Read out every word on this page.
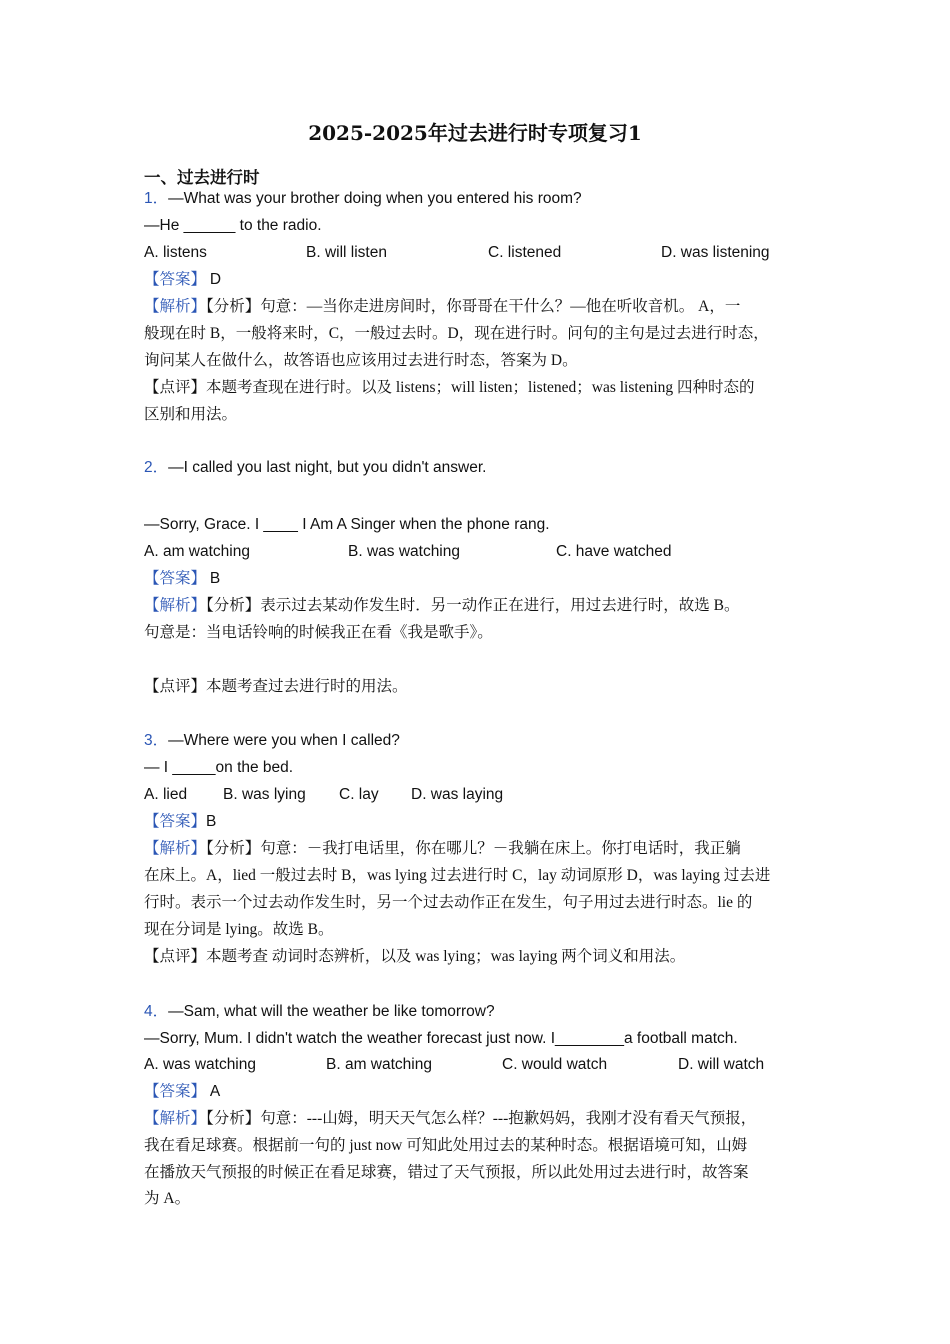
2025-2025年过去进行时专项复习1
一、过去进行时
1．—What was your brother doing when you entered his room?
—He ______ to the radio.
A. listens	B. will listen	C. listened	D. was listening
【答案】 D
【解析】【分析】句意：—当你走进房间时，你哥哥在干什么？—他在听收音机。 A，一
般现在时 B，一般将来时，C，一般过去时。D，现在进行时。问句的主句是过去进行时态，
询问某人在做什么，故答语也应该用过去进行时态，答案为 D。
【点评】本题考查现在进行时。以及 listens；will listen；listened；was listening 四种时态的
区别和用法。
2．—I called you last night, but you didn't answer.
—Sorry, Grace. I ____ I Am A Singer when the phone rang.
A. am watching	B. was watching	C. have watched
【答案】 B
【解析】【分析】表示过去某动作发生时．另一动作正在进行，用过去进行时，故选 B。
句意是：当电话铃响的时候我正在看《我是歌手》。
【点评】本题考查过去进行时的用法。
3．—Where were you when I called?
— I _____on the bed.
A. lied B. was lying C. lay D. was laying
【答案】B
【解析】【分析】句意：－我打电话里，你在哪儿？－我躺在床上。你打电话时，我正躺
在床上。A，lied 一般过去时 B，was lying 过去进行时 C，lay 动词原形 D，was laying 过去进
行时。表示一个过去动作发生时，另一个过去动作正在发生，句子用过去进行时态。lie 的
现在分词是 lying。故选 B。
【点评】本题考查 动词时态辨析，以及 was lying；was laying 两个词义和用法。
4．—Sam, what will the weather be like tomorrow?
—Sorry, Mum. I didn't watch the weather forecast just now. I________a football match.
A. was watching	B. am watching	C. would watch	D. will watch
【答案】 A
【解析】【分析】句意：---山姆，明天天气怎么样？---抱歉妈妈，我刚才没有看天气预报，
我在看足球赛。根据前一句的 just now 可知此处用过去的某种时态。根据语境可知，山姆
在播放天气预报的时候正在看足球赛，错过了天气预报，所以此处用过去进行时，故答案
为 A。
